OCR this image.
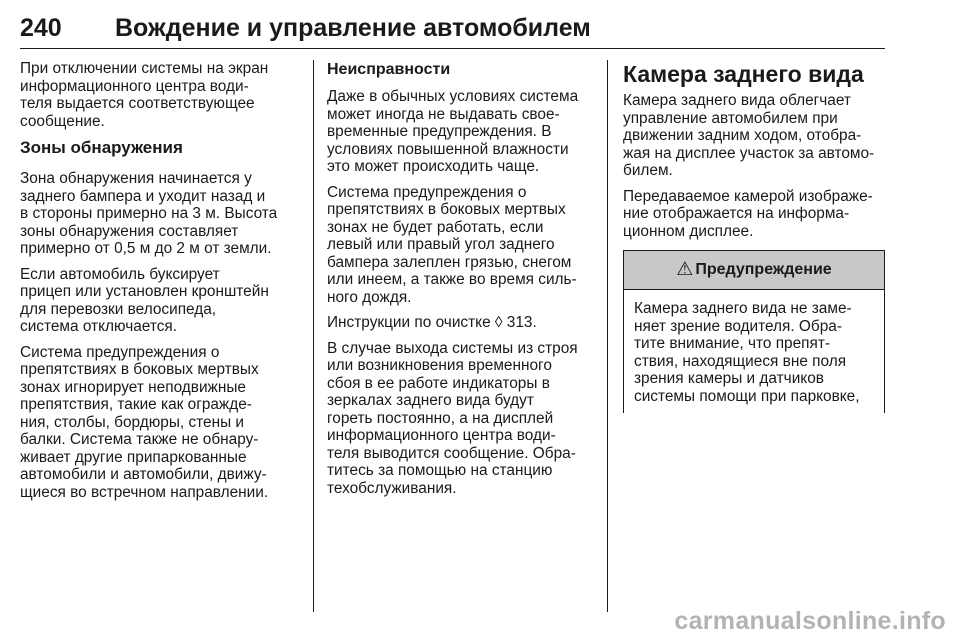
240 Вождение и управление автомобилем

При отключении системы на экран
информационного центра води-
теля выдается соответствующее
сообщение.

Зоны обнаружения

Зона обнаружения начинается у
заднего бампера и уходит назад и
в стороны примерно на 3 м. Высота
зоны обнаружения составляет
примерно от 0,5 м до 2 м от земли.

Если автомобиль буксирует
прицеп или установлен кронштейн
для перевозки велосипеда,
система отключается.

Система предупреждения о
препятствиях в боковых мертвых
зонах игнорирует неподвижные
препятствия, такие как огражде-
ния, столбы, бордюры, стены и
балки. Система также не обнару-
живает другие припаркованные
автомобили и автомобили, движу-
щиеся во встречном направлении.

Неисправности

Даже в обычных условиях система
может иногда не выдавать свое-
временные предупреждения. В
условиях повышенной влажности
это может происходить чаще.

Система предупреждения о
препятствиях в боковых мертвых
зонах не будет работать, если
левый или правый угол заднего
бампера залеплен грязью, снегом
или инеем, а также во время силь-
ного дождя.

Инструкции по очистке ◊ 313.

В случае выхода системы из строя
или возникновения временного
сбоя в ее работе индикаторы в
зеркалах заднего вида будут
гореть постоянно, а на дисплей
информационного центра води-
теля выводится сообщение. Обра-
титесь за помощью на станцию
техобслуживания.

Камера заднего вида

Камера заднего вида облегчает
управление автомобилем при
движении задним ходом, отобра-
жая на дисплее участок за автомо-
билем.

Передаваемое камерой изображе-
ние отображается на информа-
ционном дисплее.

⚠ Предупреждение
Камера заднего вида не заме-
няет зрение водителя. Обра-
тите внимание, что препят-
ствия, находящиеся вне поля
зрения камеры и датчиков
системы помощи при парковке,
carmanualsonline.info
